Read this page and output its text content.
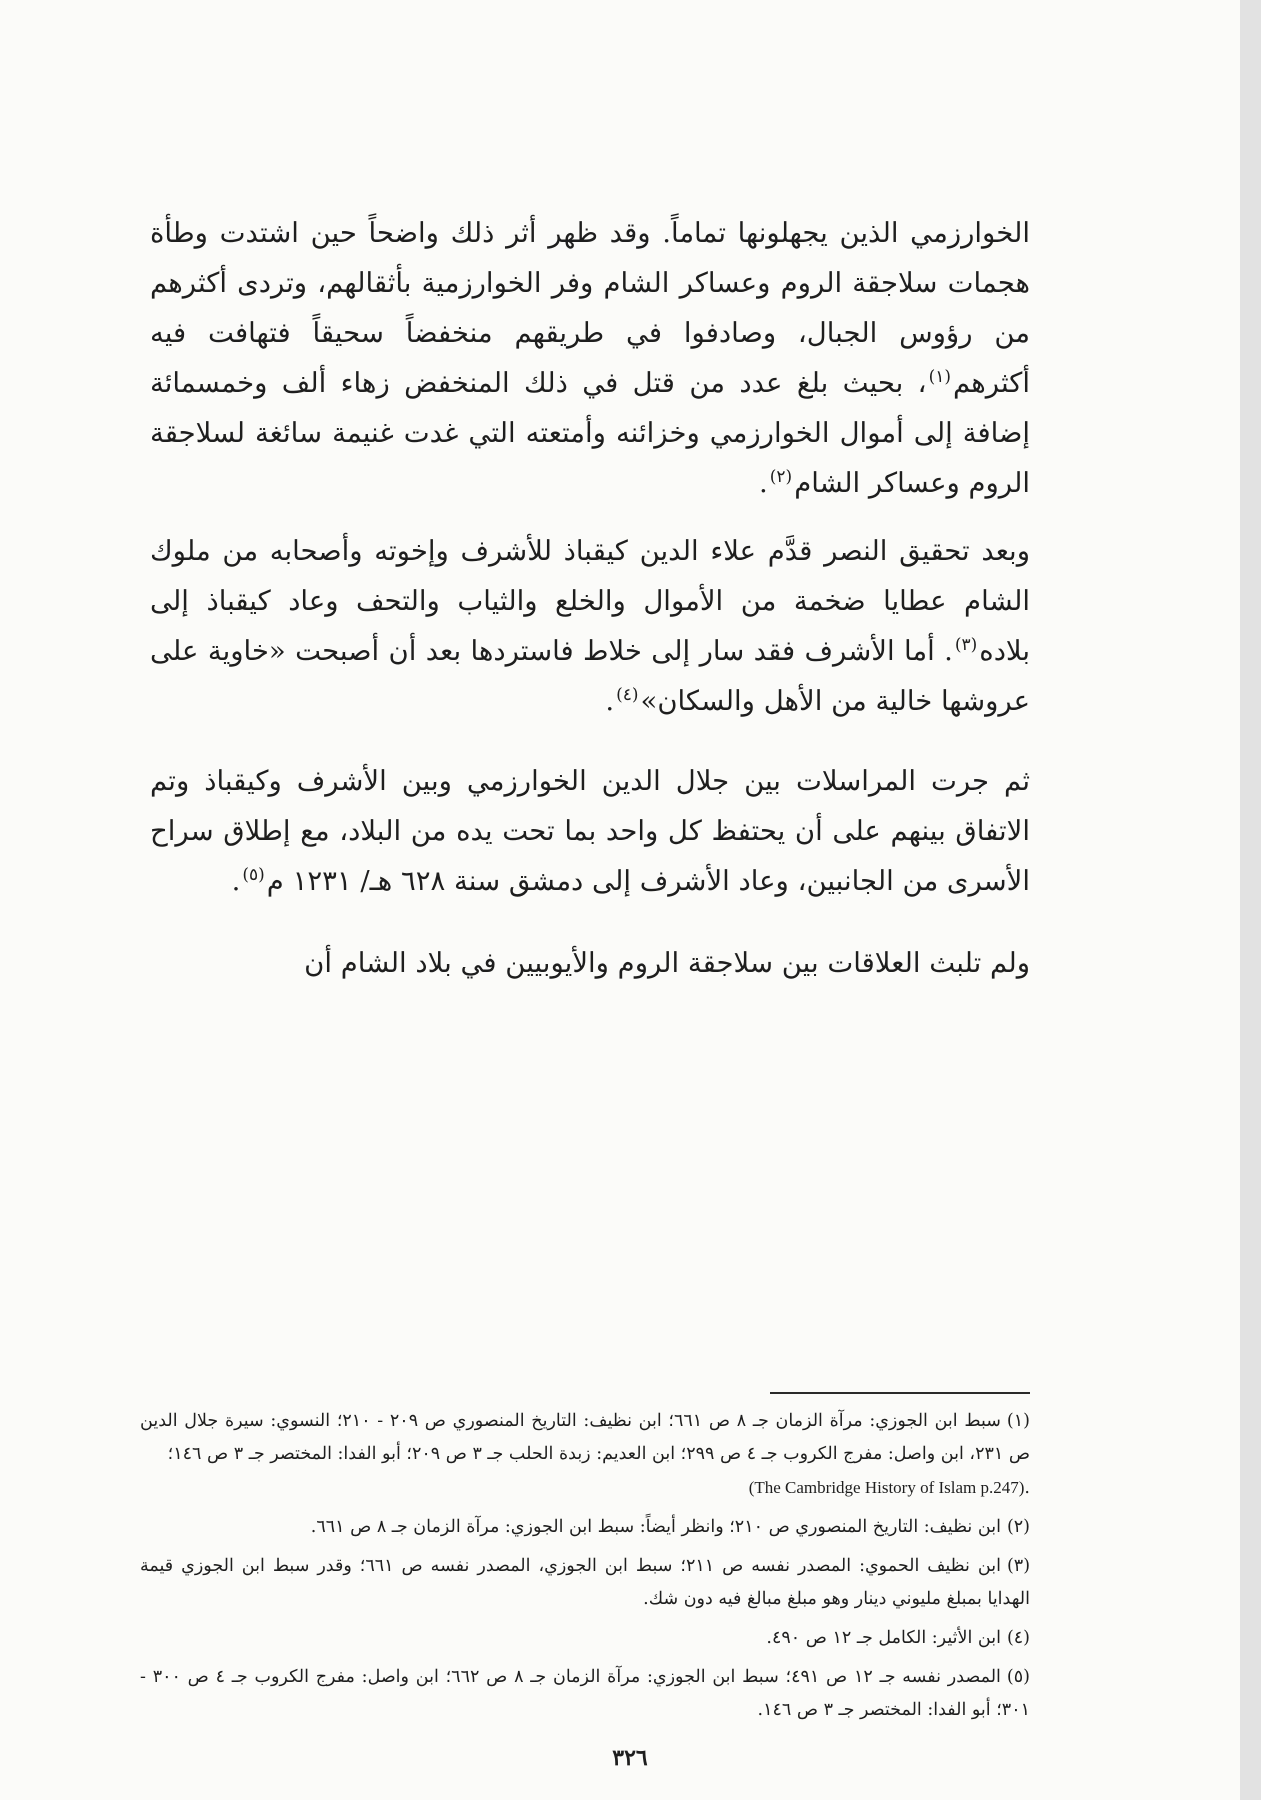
الخوارزمي الذين يجهلونها تماماً. وقد ظهر أثر ذلك واضحاً حين اشتدت وطأة هجمات سلاجقة الروم وعساكر الشام وفر الخوارزمية بأثقالهم، وتردى أكثرهم من رؤوس الجبال، وصادفوا في طريقهم منخفضاً سحيقاً فتهافت فيه أكثرهم$^{(١)}$، بحيث بلغ عدد من قتل في ذلك المنخفض زهاء ألف وخمسمائة إضافة إلى أموال الخوارزمي وخزائنه وأمتعته التي غدت غنيمة سائغة لسلاجقة الروم وعساكر الشام$^{(٢)}$.

وبعد تحقيق النصر قدَّم علاء الدين كيقباذ للأشرف وإخوته وأصحابه من ملوك الشام عطايا ضخمة من الأموال والخلع والثياب والتحف وعاد كيقباذ إلى بلاده$^{(٣)}$. أما الأشرف فقد سار إلى خلاط فاستردها بعد أن أصبحت «خاوية على عروشها خالية من الأهل والسكان»$^{(٤)}$.

ثم جرت المراسلات بين جلال الدين الخوارزمي وبين الأشرف وكيقباذ وتم الاتفاق بينهم على أن يحتفظ كل واحد بما تحت يده من البلاد، مع إطلاق سراح الأسرى من الجانبين، وعاد الأشرف إلى دمشق سنة ٦٢٨ هـ/ ١٢٣١ م$^{(٥)}$.

ولم تلبث العلاقات بين سلاجقة الروم والأيوبيين في بلاد الشام أن

(١)سبط ابن الجوزي: مرآة الزمان جـ ٨ ص ٦٦١؛ ابن نظيف: التاريخ المنصوري ص ٢٠٩ - ٢١٠؛ النسوي: سيرة جلال الدين ص ٢٣١، ابن واصل: مفرج الكروب جـ ٤ ص ٢٩٩؛ ابن العديم: زبدة الحلب جـ ٣ ص ٢٠٩؛ أبو الفدا: المختصر جـ ٣ ص ١٤٦؛
.(The Cambridge History of Islam p.247)

(٢)ابن نظيف: التاريخ المنصوري ص ٢١٠؛ وانظر أيضاً: سبط ابن الجوزي: مرآة الزمان جـ ٨ ص ٦٦١.

(٣)ابن نظيف الحموي: المصدر نفسه ص ٢١١؛ سبط ابن الجوزي، المصدر نفسه ص ٦٦١؛ وقدر سبط ابن الجوزي قيمة الهدايا بمبلغ مليوني دينار وهو مبلغ مبالغ فيه دون شك.

(٤)ابن الأثير: الكامل جـ ١٢ ص ٤٩٠.

(٥)المصدر نفسه جـ ١٢ ص ٤٩١؛ سبط ابن الجوزي: مرآة الزمان جـ ٨ ص ٦٦٢؛ ابن واصل: مفرج الكروب جـ ٤ ص ٣٠٠ - ٣٠١؛ أبو الفدا: المختصر جـ ٣ ص ١٤٦.

٣٢٦
